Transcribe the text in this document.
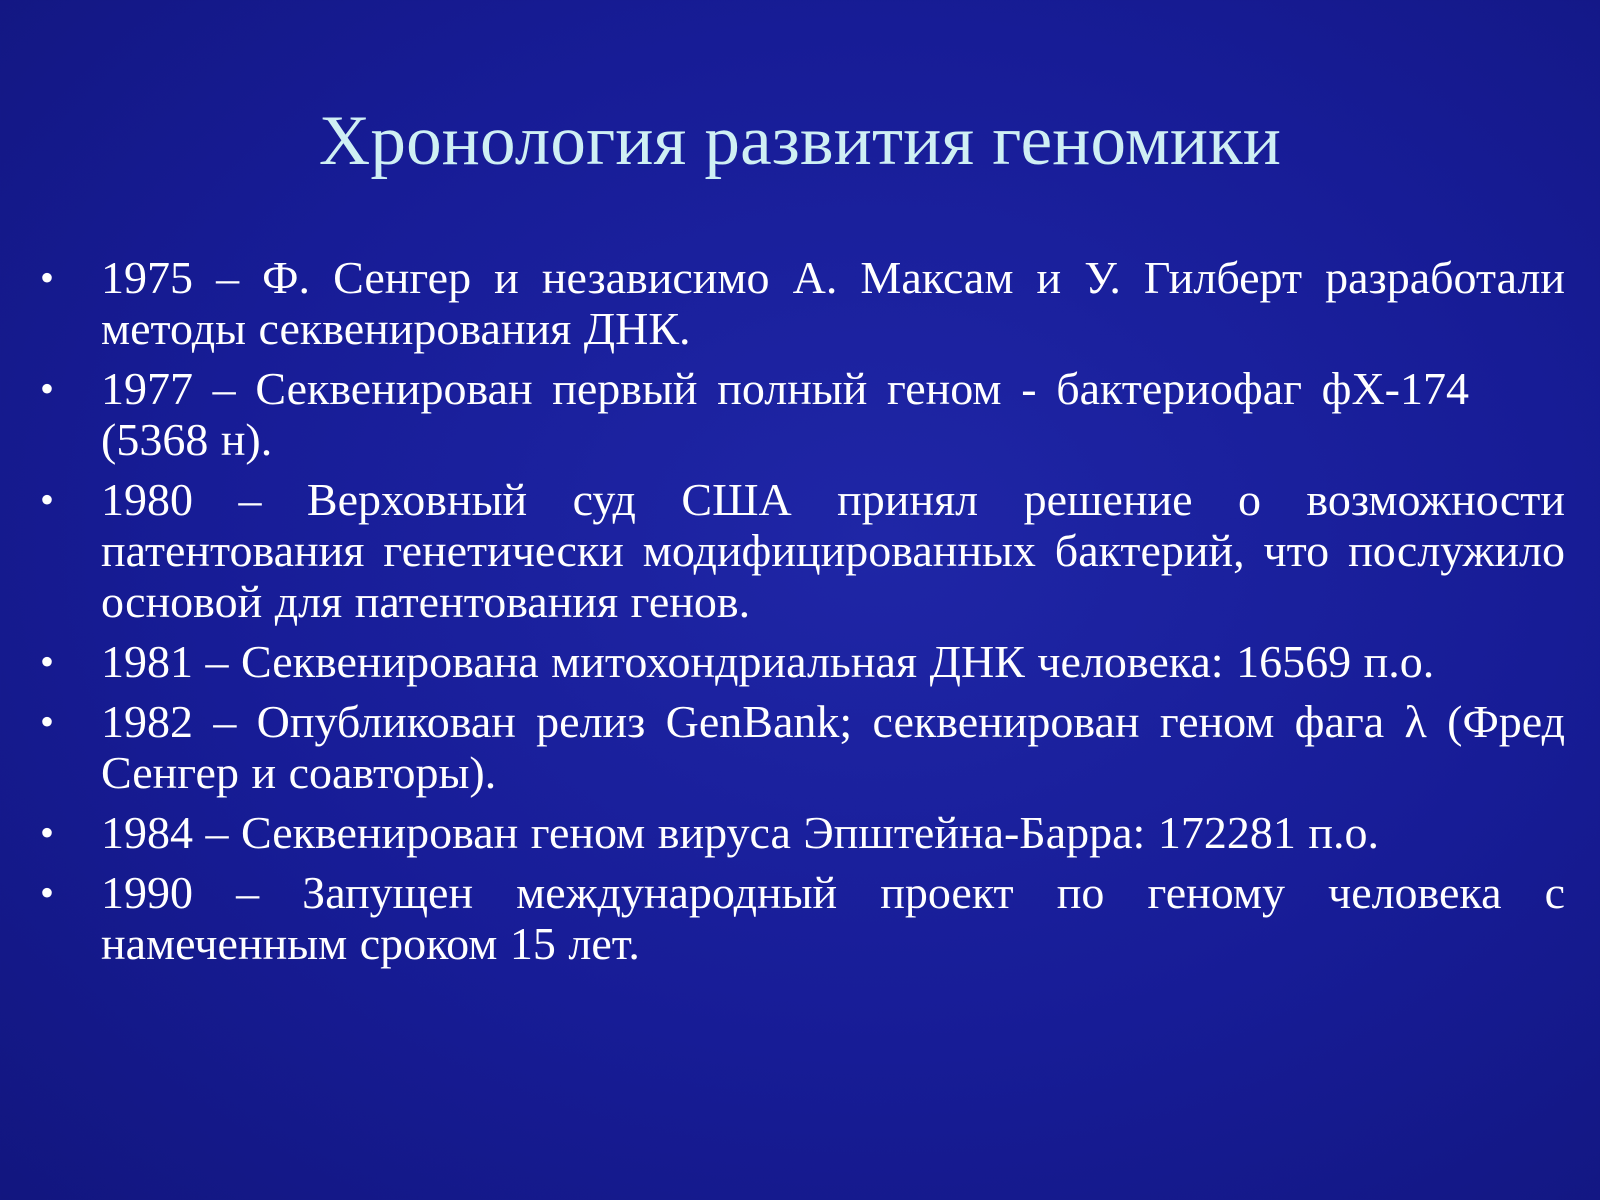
Хронология развития геномики
• 1975 – Ф. Сенгер и независимо А. Максам и У. Гилберт разработали методы секвенирования ДНК.
• 1977 – Секвенирован первый полный геном - бактериофаг фХ-174 (5368 н).
• 1980 – Верховный суд США принял решение о возможности патентования генетически модифицированных бактерий, что послужило основой для патентования генов.
• 1981 – Секвенирована митохондриальная ДНК человека: 16569 п.о.
• 1982 – Опубликован релиз GenBank; секвенирован геном фага λ (Фред Сенгер и соавторы).
• 1984 – Секвенирован геном вируса Эпштейна-Барра: 172281 п.о.
• 1990 – Запущен международный проект по геному человека с намеченным сроком 15 лет.
